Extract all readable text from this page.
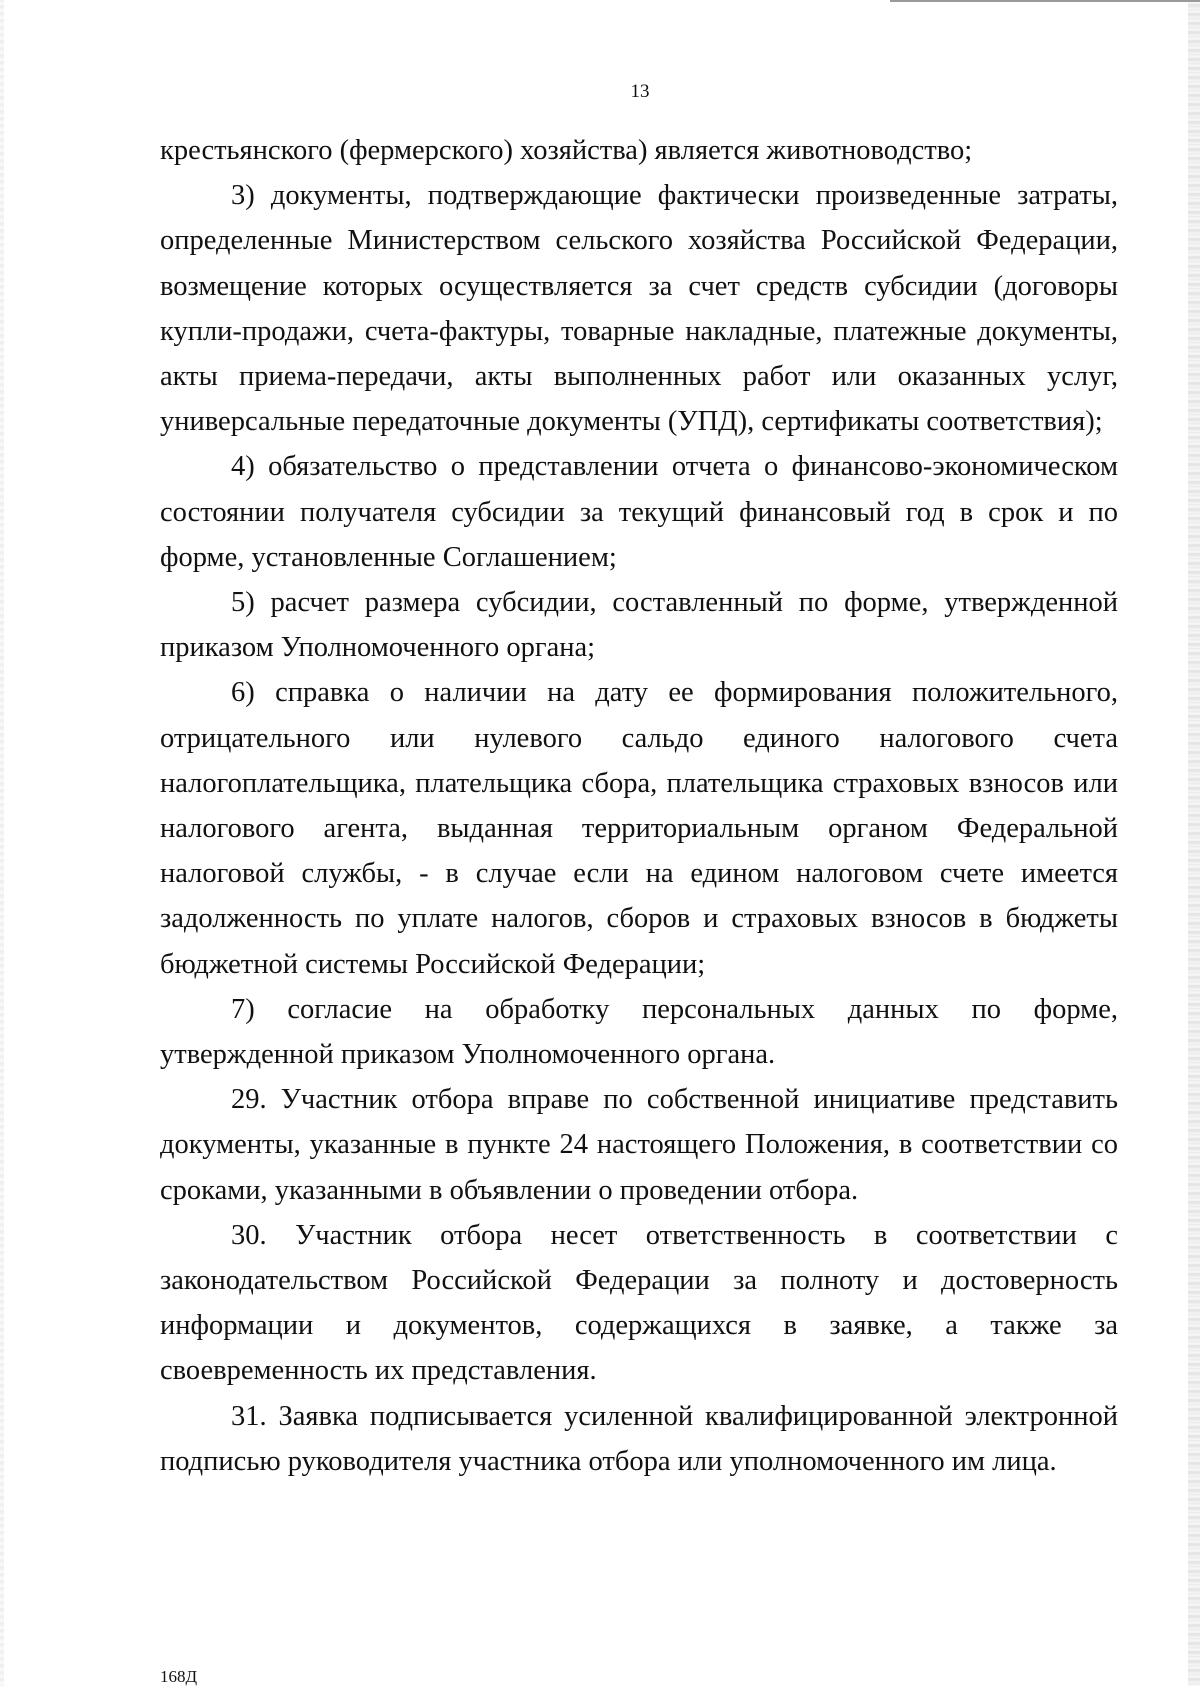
13

крестьянского (фермерского) хозяйства) является животноводство;

3) документы, подтверждающие фактически произведенные затраты, определенные Министерством сельского хозяйства Российской Федерации, возмещение которых осуществляется за счет средств субсидии (договоры купли-продажи, счета-фактуры, товарные накладные, платежные документы, акты приема-передачи, акты выполненных работ или оказанных услуг, универсальные передаточные документы (УПД), сертификаты соответствия);

4) обязательство о представлении отчета о финансово-экономическом состоянии получателя субсидии за текущий финансовый год в срок и по форме, установленные Соглашением;

5) расчет размера субсидии, составленный по форме, утвержденной приказом Уполномоченного органа;

6) справка о наличии на дату ее формирования положительного, отрицательного или нулевого сальдо единого налогового счета налогоплательщика, плательщика сбора, плательщика страховых взносов или налогового агента, выданная территориальным органом Федеральной налоговой службы, - в случае если на едином налоговом счете имеется задолженность по уплате налогов, сборов и страховых взносов в бюджеты бюджетной системы Российской Федерации;

7) согласие на обработку персональных данных по форме, утвержденной приказом Уполномоченного органа.

29. Участник отбора вправе по собственной инициативе представить документы, указанные в пункте 24 настоящего Положения, в соответствии со сроками, указанными в объявлении о проведении отбора.

30. Участник отбора несет ответственность в соответствии с законодательством Российской Федерации за полноту и достоверность информации и документов, содержащихся в заявке, а также за своевременность их представления.

31. Заявка подписывается усиленной квалифицированной электронной подписью руководителя участника отбора или уполномоченного им лица.

168Д
